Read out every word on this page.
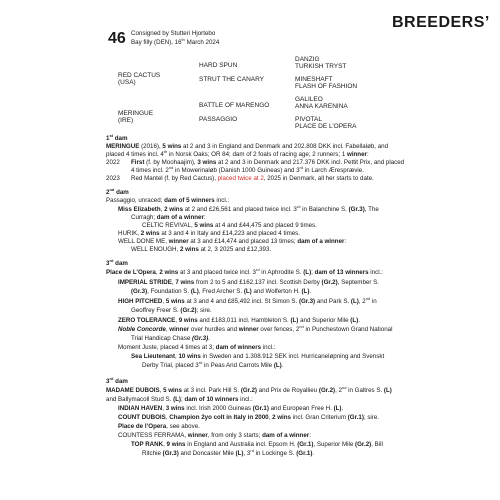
BREEDERS’
46 Consigned by Stutteri Hjortebo
Bay filly (DEN), 16th March 2024
DANZIG
HARD SPUN	TURKISH TRYST
RED CACTUS
(USA)	STRUT THE CANARY	MINESHAFT
FLASH OF FASHION
GALILEO
BATTLE OF MARENGO	ANNA KARENINA
MERINGUE
(IRE)	PASSAGGIO	PIVOTAL
PLACE DE L’OPERA
1st dam
MERINGUE (2016), 5 wins at 2 and 3 in England and Denmark and 202.808 DKK incl. Fabellaløb, and
placed 4 times incl. 4th in Norsk Oaks; OR 84; dam of 2 foals of racing age; 2 runners; 1 winner:
2022 First (f. by Moohaajim), 3 wins at 2 and 3 in Denmark and 217.376 DKK incl. Pettit Prix, and placed
4 times incl. 2nd in Mowerinaløb (Danish 1000 Guineas) and 3rd in Larch Æresprævie.
2023 Red Mantel (f. by Red Cactus), placed twice at 2, 2025 in Denmark, all her starts to date.
2nd dam
Passaggio, unraced; dam of 5 winners incl.:
Miss Elizabeth, 2 wins at 2 and £26,561 and placed twice incl. 3rd in Balanchine S. (Gr.3), The
Curragh; dam of a winner:
CELTIC REVIVAL, 5 wins at 4 and £44,475 and placed 9 times.
HURIK, 2 wins at 3 and 4 in Italy and £14,223 and placed 4 times.
WELL DONE ME, winner at 3 and £14,474 and placed 13 times; dam of a winner:
WELL ENOUGH, 2 wins at 2, 3 2025 and £12,393.
3rd dam
Place de L’Opera, 2 wins at 3 and placed twice incl. 3rd in Aphrodite S. (L); dam of 13 winners incl.:
IMPERIAL STRIDE, 7 wins from 2 to 5 and £162,137 incl. Scottish Derby (Gr.2), September S.
(Gr.3), Foundation S. (L), Fred Archer S. (L) and Wolferton H. (L).
HIGH PITCHED, 5 wins at 3 and 4 and £85,492 incl. St Simon S. (Gr.3) and Park S. (L), 2nd in
Geoffrey Freer S. (Gr.2); sire.
ZERO TOLERANCE, 9 wins and £183,011 incl. Hambleton S. (L) and Superior Mile (L).
Noble Concorde, winner over hurdles and winner over fences, 2nd in Punchestown Grand National
Trial Handicap Chase (Gr.3).
Moment Juste, placed 4 times at 3; dam of winners incl.:
Sea Lieutenant, 10 wins in Sweden and 1.308.912 SEK incl. Hurricaneløpning and Svenskt
Derby Trial, placed 3rd in Peas And Carrots Mile (L).
3rd dam
MADAME DUBOIS, 5 wins at 3 incl. Park Hill S. (Gr.2) and Prix de Royallieu (Gr.2), 2nd in Galtres S. (L)
and Ballymacoll Stud S. (L); dam of 10 winners incl.:
INDIAN HAVEN, 3 wins incl. Irish 2000 Guineas (Gr.1) and European Free H. (L).
COUNT DUBOIS, Champion 2yo colt in Italy in 2000, 2 wins incl. Gran Criterium (Gr.1); sire.
Place de l’Opera, see above.
COUNTESS FERRAMA, winner, from only 3 starts; dam of a winner:
TOP RANK, 9 wins in England and Australia incl. Epsom H. (Gr.1), Superior Mile (Gr.2), Bill
Ritchie (Gr.3) and Doncaster Mile (L), 3rd in Lockinge S. (Gr.1).
